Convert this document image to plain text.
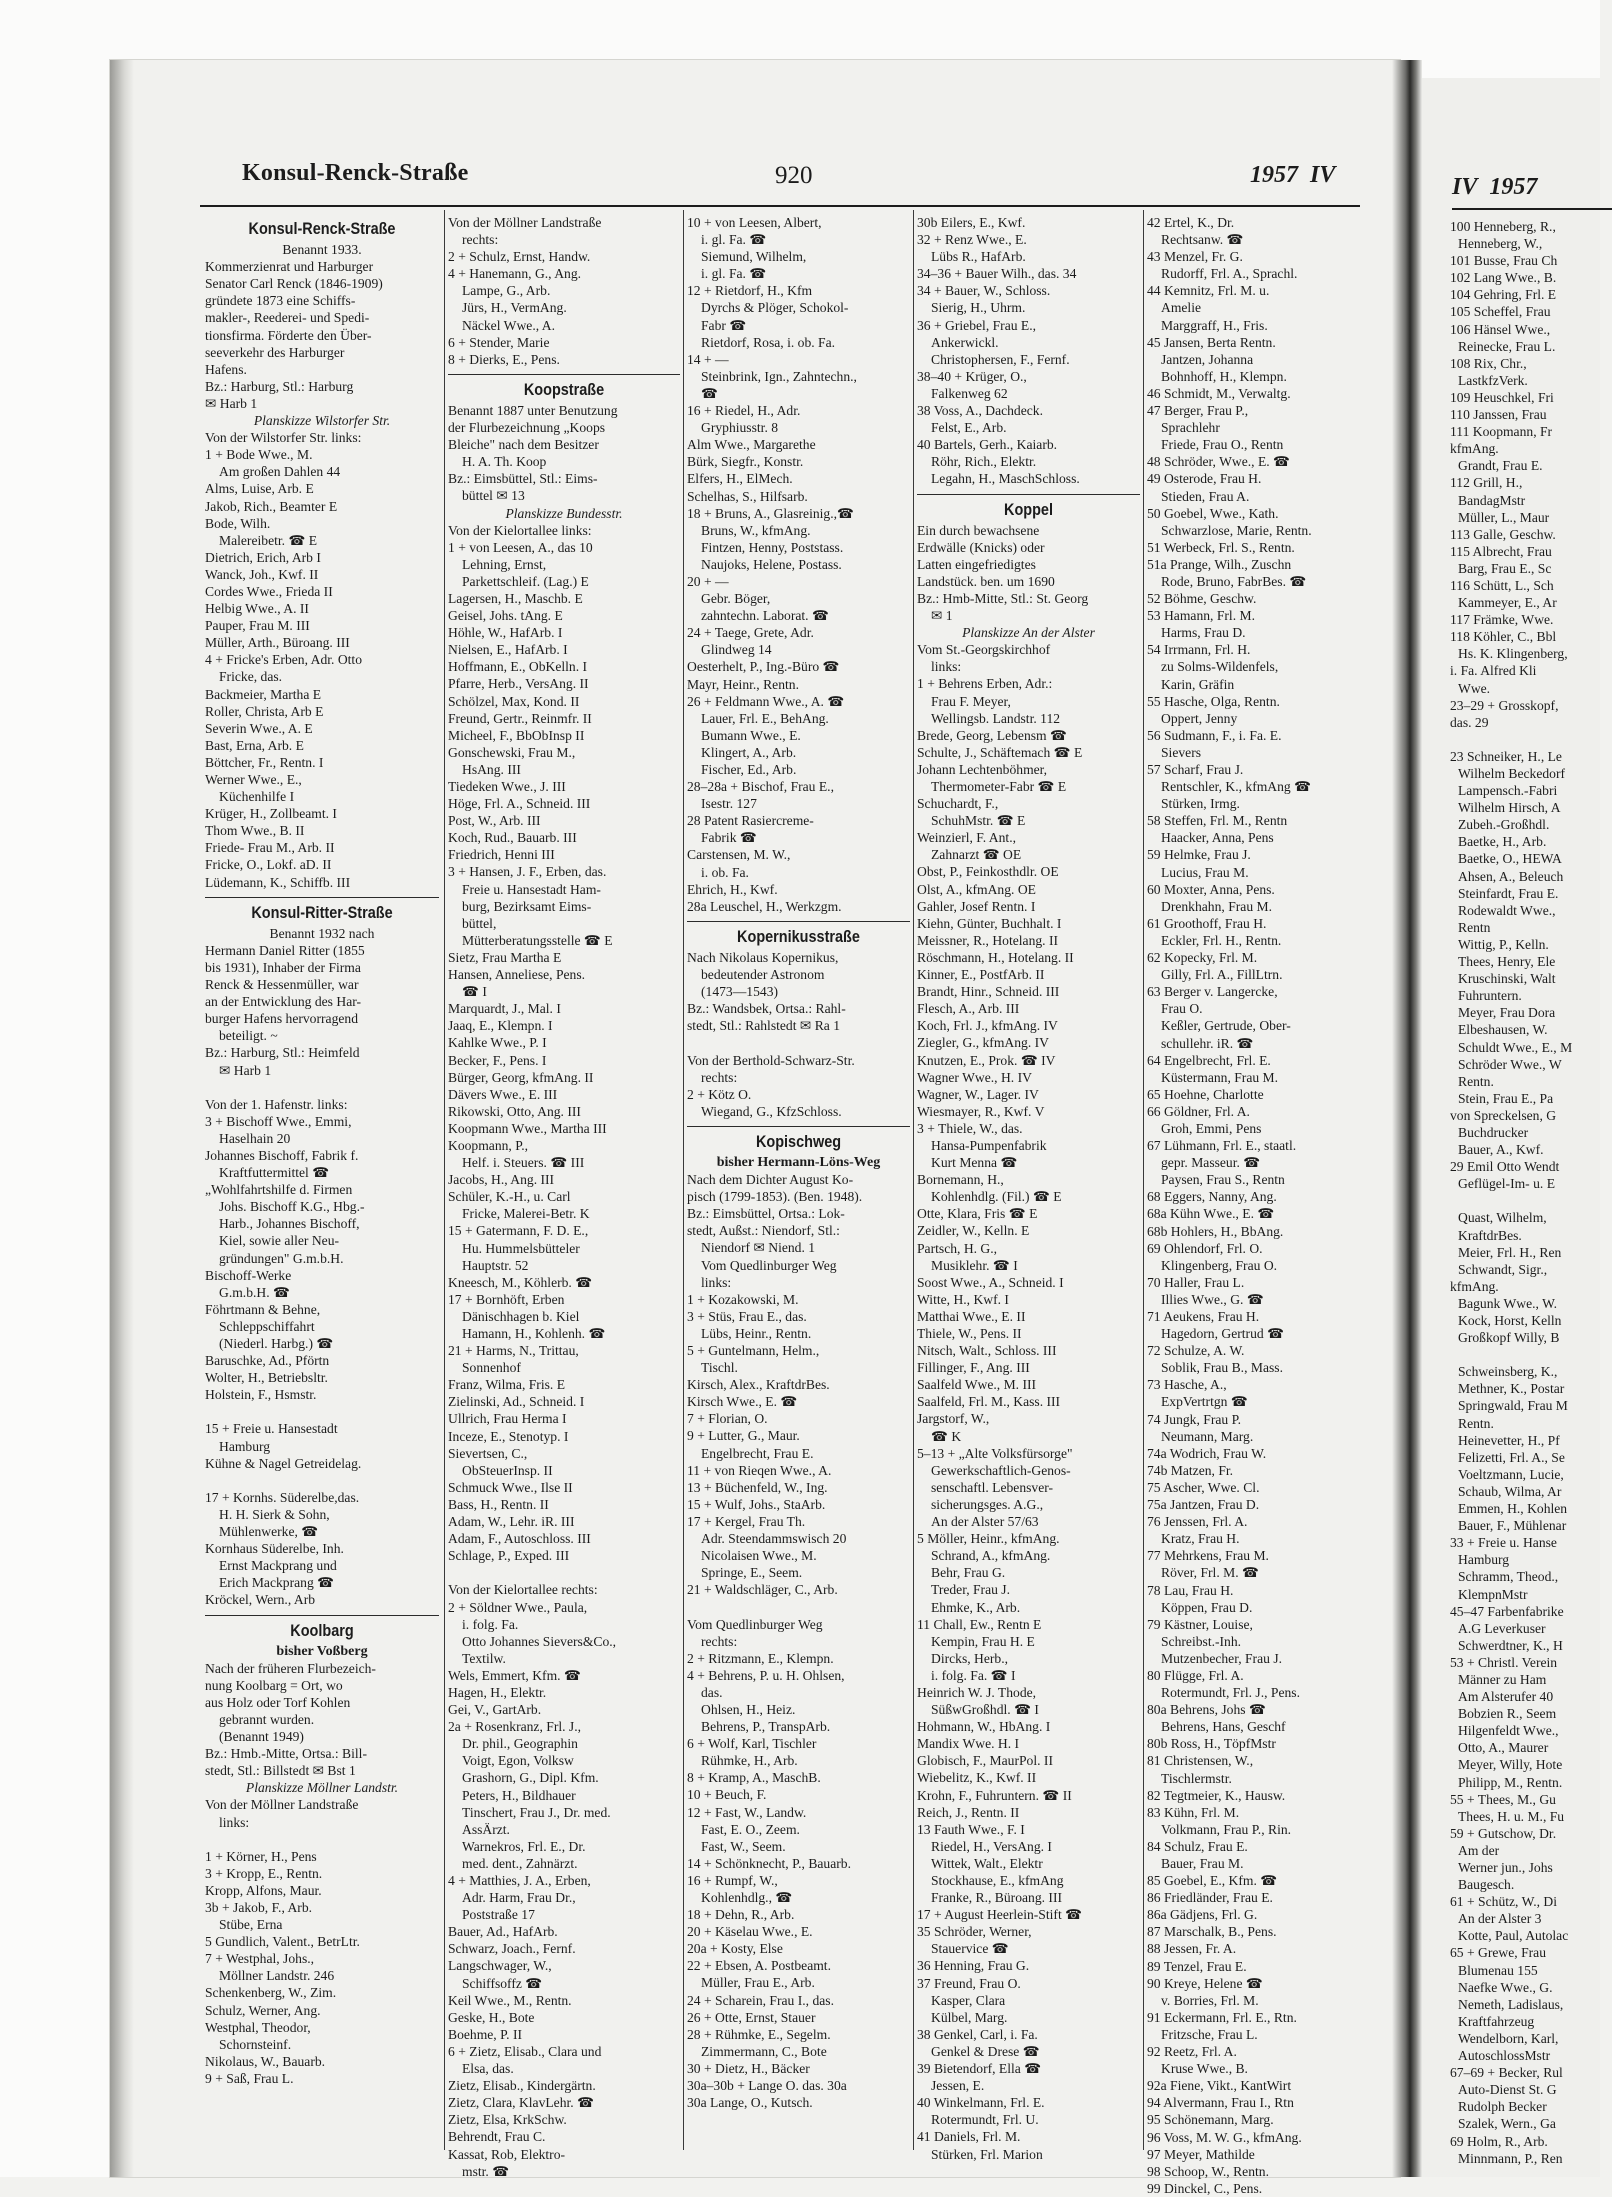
Konsul-Renck-Straße	920	1957 IV
Konsul-Renck-Straße
Benannt 1933.
Kommerzienrat und Harburger
Senator Carl Renck (1846-1909)
gründete 1873 eine Schiffs-
makler-, Reederei- und Spedi-
tionsfirma. Förderte den Über-
seeverkehr des Harburger
Hafens.
Bz.: Harburg, Stl.: Harburg
✉ Harb 1
Planskizze Wilstorfer Str.
Von der Wilstorfer Str. links:
1 + Bode Wwe., M.
Am großen Dahlen 44
Alms, Luise, Arb. E
Jakob, Rich., Beamter E
Bode, Wilh.
Malereibetr. ☎ E
Dietrich, Erich, Arb I
Wanck, Joh., Kwf. II
Cordes Wwe., Frieda II
Helbig Wwe., A. II
Pauper, Frau M. III
Müller, Arth., Büroang. III
4 + Fricke's Erben, Adr. Otto
Fricke, das.
Backmeier, Martha E
Roller, Christa, Arb E
Severin Wwe., A. E
Bast, Erna, Arb. E
Böttcher, Fr., Rentn. I
Werner Wwe., E.,
Küchenhilfe I
Krüger, H., Zollbeamt. I
Thom Wwe., B. II
Friede- Frau M., Arb. II
Fricke, O., Lokf. aD. II
Lüdemann, K., Schiffb. III
Konsul-Ritter-Straße
Benannt 1932 nach
Hermann Daniel Ritter (1855
bis 1931), Inhaber der Firma
Renck & Hessenmüller, war
an der Entwicklung des Har-
burger Hafens hervorragend
beteiligt. ~
Bz.: Harburg, Stl.: Heimfeld
✉ Harb 1

Von der 1. Hafenstr. links:
3 + Bischoff Wwe., Emmi,
Haselhain 20
Johannes Bischoff, Fabrik f.
Kraftfuttermittel ☎
„Wohlfahrtshilfe d. Firmen
Johs. Bischoff K.G., Hbg.-
Harb., Johannes Bischoff,
Kiel, sowie aller Neu-
gründungen" G.m.b.H.
Bischoff-Werke
G.m.b.H. ☎
Föhrtmann & Behne,
Schleppschiffahrt
(Niederl. Harbg.) ☎
Baruschke, Ad., Pförtn
Wolter, H., Betriebsltr.
Holstein, F., Hsmstr.

15 + Freie u. Hansestadt
Hamburg
Kühne & Nagel Getreidelag.

17 + Kornhs. Süderelbe,das.
H. H. Sierk & Sohn,
Mühlenwerke, ☎
Kornhaus Süderelbe, Inh.
Ernst Mackprang und
Erich Mackprang ☎
Kröckel, Wern., Arb
Koolbarg
bisher Voßberg
Nach der früheren Flurbezeich-
nung Koolbarg = Ort, wo
aus Holz oder Torf Kohlen
gebrannt wurden.
(Benannt 1949)
Bz.: Hmb.-Mitte, Ortsa.: Bill-
stedt, Stl.: Billstedt ✉ Bst 1
Planskizze Möllner Landstr.
Von der Möllner Landstraße
links:

1 + Körner, H., Pens
3 + Kropp, E., Rentn.
Kropp, Alfons, Maur.
3b + Jakob, F., Arb.
Stübe, Erna
5 Gundlich, Valent., BetrLtr.
7 + Westphal, Johs.,
Möllner Landstr. 246
Schenkenberg, W., Zim.
Schulz, Werner, Ang.
Westphal, Theodor,
Schornsteinf.
Nikolaus, W., Bauarb.
9 + Saß, Frau L.
Von der Möllner Landstraße
rechts:
2 + Schulz, Ernst, Handw.
4 + Hanemann, G., Ang.
Lampe, G., Arb.
Jürs, H., VermAng.
Näckel Wwe., A.
6 + Stender, Marie
8 + Dierks, E., Pens.
Koopstraße
Benannt 1887 unter Benutzung
der Flurbezeichnung „Koops
Bleiche" nach dem Besitzer
H. A. Th. Koop
Bz.: Eimsbüttel, Stl.: Eims-
büttel ✉ 13
Planskizze Bundesstr.
Von der Kielortallee links:
1 + von Leesen, A., das 10
Lehning, Ernst,
Parkettschleif. (Lag.) E
Lagersen, H., Maschb. E
Geisel, Johs. tAng. E
Höhle, W., HafArb. I
Nielsen, E., HafArb. I
Hoffmann, E., ObKelln. I
Pfarre, Herb., VersAng. II
Schölzel, Max, Kond. II
Freund, Gertr., Reinmfr. II
Micheel, F., BbObInsp II
Gonschewski, Frau M.,
HsAng. III
Tiedeken Wwe., J. III
Höge, Frl. A., Schneid. III
Post, W., Arb. III
Koch, Rud., Bauarb. III
Friedrich, Henni III
3 + Hansen, J. F., Erben, das.
Freie u. Hansestadt Ham-
burg, Bezirksamt Eims-
büttel,
Mütterberatungsstelle ☎ E
Sietz, Frau Martha E
Hansen, Anneliese, Pens.
☎ I
Marquardt, J., Mal. I
Jaaq, E., Klempn. I
Kahlke Wwe., P. I
Becker, F., Pens. I
Bürger, Georg, kfmAng. II
Dävers Wwe., E. III
Rikowski, Otto, Ang. III
Koopmann Wwe., Martha III
Koopmann, P.,
Helf. i. Steuers. ☎ III
Jacobs, H., Ang. III
Schüler, K.-H., u. Carl
Fricke, Malerei-Betr. K
15 + Gatermann, F. D. E.,
Hu. Hummelsbütteler
Hauptstr. 52
Kneesch, M., Köhlerb. ☎
17 + Bornhöft, Erben
Dänischhagen b. Kiel
Hamann, H., Kohlenh. ☎
21 + Harms, N., Trittau,
Sonnenhof
Franz, Wilma, Fris. E
Zielinski, Ad., Schneid. I
Ullrich, Frau Herma I
Inceze, E., Stenotyp. I
Sievertsen, C.,
ObSteuerInsp. II
Schmuck Wwe., Ilse II
Bass, H., Rentn. II
Adam, W., Lehr. iR. III
Adam, F., Autoschloss. III
Schlage, P., Exped. III

Von der Kielortallee rechts:
2 + Söldner Wwe., Paula,
i. folg. Fa.
Otto Johannes Sievers&Co.,
Textilw.
Wels, Emmert, Kfm. ☎
Hagen, H., Elektr.
Gei, V., GartArb.
2a + Rosenkranz, Frl. J.,
Dr. phil., Geographin
Voigt, Egon, Volksw
Grashorn, G., Dipl. Kfm.
Peters, H., Bildhauer
Tinschert, Frau J., Dr. med.
AssÄrzt.
Warnekros, Frl. E., Dr.
med. dent., Zahnärzt.
4 + Matthies, J. A., Erben,
Adr. Harm, Frau Dr.,
Poststraße 17
Bauer, Ad., HafArb.
Schwarz, Joach., Fernf.
Langschwager, W.,
Schiffsoffz ☎
Keil Wwe., M., Rentn.
Geske, H., Bote
Boehme, P. II
6 + Zietz, Elisab., Clara und
Elsa, das.
Zietz, Elisab., Kindergärtn.
Zietz, Clara, KlavLehr. ☎
Zietz, Elsa, KrkSchw.
Behrendt, Frau C.
Kassat, Rob, Elektro-
mstr. ☎
10 + von Leesen, Albert,
i. gl. Fa. ☎
Siemund, Wilhelm,
i. gl. Fa. ☎
12 + Rietdorf, H., Kfm
Dyrchs & Plöger, Schokol-
Fabr ☎
Rietdorf, Rosa, i. ob. Fa.
14 + —
Steinbrink, Ign., Zahntechn.,
☎
16 + Riedel, H., Adr.
Gryphiusstr. 8
Alm Wwe., Margarethe
Bürk, Siegfr., Konstr.
Elfers, H., ElMech.
Schelhas, S., Hilfsarb.
18 + Bruns, A., Glasreinig.,☎
Bruns, W., kfmAng.
Fintzen, Henny, Poststass.
Naujoks, Helene, Postass.
20 + —
Gebr. Böger,
zahntechn. Laborat. ☎
24 + Taege, Grete, Adr.
Glindweg 14
Oesterhelt, P., Ing.-Büro ☎
Mayr, Heinr., Rentn.
26 + Feldmann Wwe., A. ☎
Lauer, Frl. E., BehAng.
Bumann Wwe., E.
Klingert, A., Arb.
Fischer, Ed., Arb.
28–28a + Bischof, Frau E.,
Isestr. 127
28 Patent Rasiercreme-
Fabrik ☎
Carstensen, M. W.,
i. ob. Fa.
Ehrich, H., Kwf.
28a Leuschel, H., Werkzgm.
Kopernikusstraße
Nach Nikolaus Kopernikus,
bedeutender Astronom
(1473—1543)
Bz.: Wandsbek, Ortsa.: Rahl-
stedt, Stl.: Rahlstedt ✉ Ra 1

Von der Berthold-Schwarz-Str.
rechts:
2 + Kötz O.
Wiegand, G., KfzSchloss.
Kopischweg
bisher Hermann-Löns-Weg
Nach dem Dichter August Ko-
pisch (1799-1853). (Ben. 1948).
Bz.: Eimsbüttel, Ortsa.: Lok-
stedt, Außst.: Niendorf, Stl.:
Niendorf ✉ Niend. 1
Vom Quedlinburger Weg
links:
1 + Kozakowski, M.
3 + Stüs, Frau E., das.
Lübs, Heinr., Rentn.
5 + Guntelmann, Helm.,
Tischl.
Kirsch, Alex., KraftdrBes.
Kirsch Wwe., E. ☎
7 + Florian, O.
9 + Lutter, G., Maur.
Engelbrecht, Frau E.
11 + von Rieqen Wwe., A.
13 + Büchenfeld, W., Ing.
15 + Wulf, Johs., StaArb.
17 + Kergel, Frau Th.
Adr. Steendammswisch 20
Nicolaisen Wwe., M.
Springe, E., Seem.
21 + Waldschläger, C., Arb.

Vom Quedlinburger Weg
rechts:
2 + Ritzmann, E., Klempn.
4 + Behrens, P. u. H. Ohlsen,
das.
Ohlsen, H., Heiz.
Behrens, P., TranspArb.
6 + Wolf, Karl, Tischler
Rühmke, H., Arb.
8 + Kramp, A., MaschB.
10 + Beuch, F.
12 + Fast, W., Landw.
Fast, E. O., Zeem.
Fast, W., Seem.
14 + Schönknecht, P., Bauarb.
16 + Rumpf, W.,
Kohlenhdlg., ☎
18 + Dehn, R., Arb.
20 + Käselau Wwe., E.
20a + Kosty, Else
22 + Ebsen, A. Postbeamt.
Müller, Frau E., Arb.
24 + Scharein, Frau I., das.
26 + Otte, Ernst, Stauer
28 + Rühmke, E., Segelm.
Zimmermann, C., Bote
30 + Dietz, H., Bäcker
30a–30b + Lange O. das. 30a
30a Lange, O., Kutsch.
30b Eilers, E., Kwf.
32 + Renz Wwe., E.
Lübs R., HafArb.
34–36 + Bauer Wilh., das. 34
34 + Bauer, W., Schloss.
Sierig, H., Uhrm.
36 + Griebel, Frau E.,
Ankerwickl.
Christophersen, F., Fernf.
38–40 + Krüger, O.,
Falkenweg 62
38 Voss, A., Dachdeck.
Felst, E., Arb.
40 Bartels, Gerh., Kaiarb.
Röhr, Rich., Elektr.
Legahn, H., MaschSchloss.
Koppel
Ein durch bewachsene
Erdwälle (Knicks) oder
Latten eingefriedigtes
Landstück. ben. um 1690
Bz.: Hmb-Mitte, Stl.: St. Georg
✉ 1
Planskizze An der Alster
Vom St.-Georgskirchhof
links:
1 + Behrens Erben, Adr.:
Frau F. Meyer,
Wellingsb. Landstr. 112
Brede, Georg, Lebensm ☎
Schulte, J., Schäftemach ☎ E
Johann Lechtenböhmer,
Thermometer-Fabr ☎ E
Schuchardt, F.,
SchuhMstr. ☎ E
Weinzierl, F. Ant.,
Zahnarzt ☎ OE
Obst, P., Feinkosthdlr. OE
Olst, A., kfmAng. OE
Gahler, Josef Rentn. I
Kiehn, Günter, Buchhalt. I
Meissner, R., Hotelang. II
Röschmann, H., Hotelang. II
Kinner, E., PostfArb. II
Brandt, Hinr., Schneid. III
Flesch, A., Arb. III
Koch, Frl. J., kfmAng. IV
Ziegler, G., kfmAng. IV
Knutzen, E., Prok. ☎ IV
Wagner Wwe., H. IV
Wagner, W., Lager. IV
Wiesmayer, R., Kwf. V
3 + Thiele, W., das.
Hansa-Pumpenfabrik
Kurt Menna ☎
Bornemann, H.,
Kohlenhdlg. (Fil.) ☎ E
Otte, Klara, Fris ☎ E
Zeidler, W., Kelln. E
Partsch, H. G.,
Musiklehr. ☎ I
Soost Wwe., A., Schneid. I
Witte, H., Kwf. I
Matthai Wwe., E. II
Thiele, W., Pens. II
Nitsch, Walt., Schloss. III
Fillinger, F., Ang. III
Saalfeld Wwe., M. III
Saalfeld, Frl. M., Kass. III
Jargstorf, W.,
☎ K
5–13 + „Alte Volksfürsorge"
Gewerkschaftlich-Genos-
senschaftl. Lebensver-
sicherungsges. A.G.,
An der Alster 57/63
5 Möller, Heinr., kfmAng.
Schrand, A., kfmAng.
Behr, Frau G.
Treder, Frau J.
Ehmke, K., Arb.
11 Chall, Ew., Rentn E
Kempin, Frau H. E
Dircks, Herb.,
i. folg. Fa. ☎ I
Heinrich W. J. Thode,
SüßwGroßhdl. ☎ I
Hohmann, W., HbAng. I
Mandix Wwe. H. I
Globisch, F., MaurPol. II
Wiebelitz, K., Kwf. II
Krohn, F., Fuhruntern. ☎ II
Reich, J., Rentn. II
13 Fauth Wwe., F. I
Riedel, H., VersAng. I
Wittek, Walt., Elektr
Stockhause, E., kfmAng
Franke, R., Büroang. III
17 + August Heerlein-Stift ☎
35 Schröder, Werner,
Stauervice ☎
36 Henning, Frau G.
37 Freund, Frau O.
Kasper, Clara
Külbel, Marg.
38 Genkel, Carl, i. Fa.
Genkel & Drese ☎
39 Bietendorf, Ella ☎
Jessen, E.
40 Winkelmann, Frl. E.
Rotermundt, Frl. U.
41 Daniels, Frl. M.
Stürken, Frl. Marion
42 Ertel, K., Dr.
Rechtsanw. ☎
43 Menzel, Fr. G.
Rudorff, Frl. A., Sprachl.
44 Kemnitz, Frl. M. u.
Amelie
Marggraff, H., Fris.
45 Jansen, Berta Rentn.
Jantzen, Johanna
Bohnhoff, H., Klempn.
46 Schmidt, M., Verwaltg.
47 Berger, Frau P.,
Sprachlehr
Friede, Frau O., Rentn
48 Schröder, Wwe., E. ☎
49 Osterode, Frau H.
Stieden, Frau A.
50 Goebel, Wwe., Kath.
Schwarzlose, Marie, Rentn.
51 Werbeck, Frl. S., Rentn.
51a Prange, Wilh., Zuschn
Rode, Bruno, FabrBes. ☎
52 Böhme, Geschw.
53 Hamann, Frl. M.
Harms, Frau D.
54 Irrmann, Frl. H.
zu Solms-Wildenfels,
Karin, Gräfin
55 Hasche, Olga, Rentn.
Oppert, Jenny
56 Sudmann, F., i. Fa. E.
Sievers
57 Scharf, Frau J.
Rentschler, K., kfmAng ☎
Stürken, Irmg.
58 Steffen, Frl. M., Rentn
Haacker, Anna, Pens
59 Helmke, Frau J.
Lucius, Frau M.
60 Moxter, Anna, Pens.
Drenkhahn, Frau M.
61 Groothoff, Frau H.
Eckler, Frl. H., Rentn.
62 Kopecky, Frl. M.
Gilly, Frl. A., FillLtrn.
63 Berger v. Langercke,
Frau O.
Keßler, Gertrude, Ober-
schullehr. iR. ☎
64 Engelbrecht, Frl. E.
Küstermann, Frau M.
65 Hoehne, Charlotte
66 Göldner, Frl. A.
Groh, Emmi, Pens
67 Lühmann, Frl. E., staatl.
gepr. Masseur. ☎
Paysen, Frau S., Rentn
68 Eggers, Nanny, Ang.
68a Kühn Wwe., E. ☎
68b Hohlers, H., BbAng.
69 Ohlendorf, Frl. O.
Klingenberg, Frau O.
70 Haller, Frau L.
Illies Wwe., G. ☎
71 Aeukens, Frau H.
Hagedorn, Gertrud ☎
72 Schulze, A. W.
Soblik, Frau B., Mass.
73 Hasche, A.,
ExpVertrtgn ☎
74 Jungk, Frau P.
Neumann, Marg.
74a Wodrich, Frau W.
74b Matzen, Fr.
75 Ascher, Wwe. Cl.
75a Jantzen, Frau D.
76 Jenssen, Frl. A.
Kratz, Frau H.
77 Mehrkens, Frau M.
Röver, Frl. M. ☎
78 Lau, Frau H.
Köppen, Frau D.
79 Kästner, Louise,
Schreibst.-Inh.
Mutzenbecher, Frau J.
80 Flügge, Frl. A.
Rotermundt, Frl. J., Pens.
80a Behrens, Johs ☎
Behrens, Hans, Geschf
80b Ross, H., TöpfMstr
81 Christensen, W.,
Tischlermstr.
82 Tegtmeier, K., Hausw.
83 Kühn, Frl. M.
Volkmann, Frau P., Rin.
84 Schulz, Frau E.
Bauer, Frau M.
85 Goebel, E., Kfm. ☎
86 Friedländer, Frau E.
86a Gädjens, Frl. G.
87 Marschalk, B., Pens.
88 Jessen, Fr. A.
89 Tenzel, Frau E.
90 Kreye, Helene ☎
v. Borries, Frl. M.
91 Eckermann, Frl. E., Rtn.
Fritzsche, Frau L.
92 Reetz, Frl. A.
Kruse Wwe., B.
92a Fiene, Vikt., KantWirt
94 Alvermann, Frau I., Rtn
95 Schönemann, Marg.
96 Voss, M. W. G., kfmAng.
97 Meyer, Mathilde
98 Schoop, W., Rentn.
99 Dinckel, C., Pens.
IV 1957
100 Henneberg, R.,
Henneberg, W.,
101 Busse, Frau Ch
102 Lang Wwe., B.
104 Gehring, Frl. E
105 Scheffel, Frau
106 Hänsel Wwe.,
Reinecke, Frau L.
108 Rix, Chr.,
LastkfzVerk.
109 Heuschkel, Fri
110 Janssen, Frau
111 Koopmann, Fr
kfmAng.
Grandt, Frau E.
112 Grill, H.,
BandagMstr
Müller, L., Maur
113 Galle, Geschw.
115 Albrecht, Frau
Barg, Frau E., Sc
116 Schütt, L., Sch
Kammeyer, E., Ar
117 Främke, Wwe.
118 Köhler, C., Bbl
Hs. K. Klingenberg,
i. Fa. Alfred Kli
Wwe.
23–29 + Grosskopf,
das. 29

23 Schneiker, H., Le
Wilhelm Beckedorf
Lampensch.-Fabri
Wilhelm Hirsch, A
Zubeh.-Großhdl.
Baetke, H., Arb.
Baetke, O., HEWA
Ahsen, A., Beleuch
Steinfardt, Frau E.
Rodewaldt Wwe.,
Rentn
Wittig, P., Kelln.
Thees, Henry, Ele
Kruschinski, Walt
Fuhruntern.
Meyer, Frau Dora
Elbeshausen, W.
Schuldt Wwe., E., M
Schröder Wwe., W
Rentn.
Stein, Frau E., Pa
von Spreckelsen, G
Buchdrucker
Bauer, A., Kwf.
29 Emil Otto Wendt
Geflügel-Im- u. E

Quast, Wilhelm,
KraftdrBes.
Meier, Frl. H., Ren
Schwandt, Sigr.,
kfmAng.
Bagunk Wwe., W.
Kock, Horst, Kelln
Großkopf Willy, B

Schweinsberg, K.,
Methner, K., Postar
Springwald, Frau M
Rentn.
Heinevetter, H., Pf
Felizetti, Frl. A., Se
Voeltzmann, Lucie,
Schaub, Wilma, Ar
Emmen, H., Kohlen
Bauer, F., Mühlenar
33 + Freie u. Hanse
Hamburg
Schramm, Theod.,
KlempnMstr
45–47 Farbenfabrike
A.G Leverkuser
Schwerdtner, K., H
53 + Christl. Verein
Männer zu Ham
Am Alsterufer 40
Bobzien R., Seem
Hilgenfeldt Wwe.,
Otto, A., Maurer
Meyer, Willy, Hote
Philipp, M., Rentn.
55 + Thees, M., Gu
Thees, H. u. M., Fu
59 + Gutschow, Dr.
Am der
Werner jun., Johs
Baugesch.
61 + Schütz, W., Di
An der Alster 3
Kotte, Paul, Autolac
65 + Grewe, Frau
Blumenau 155
Naefke Wwe., G.
Nemeth, Ladislaus,
Kraftfahrzeug
Wendelborn, Karl,
AutoschlossMstr
67–69 + Becker, Rul
Auto-Dienst St. G
Rudolph Becker
Szalek, Wern., Ga
69 Holm, R., Arb.
Minnmann, P., Ren
